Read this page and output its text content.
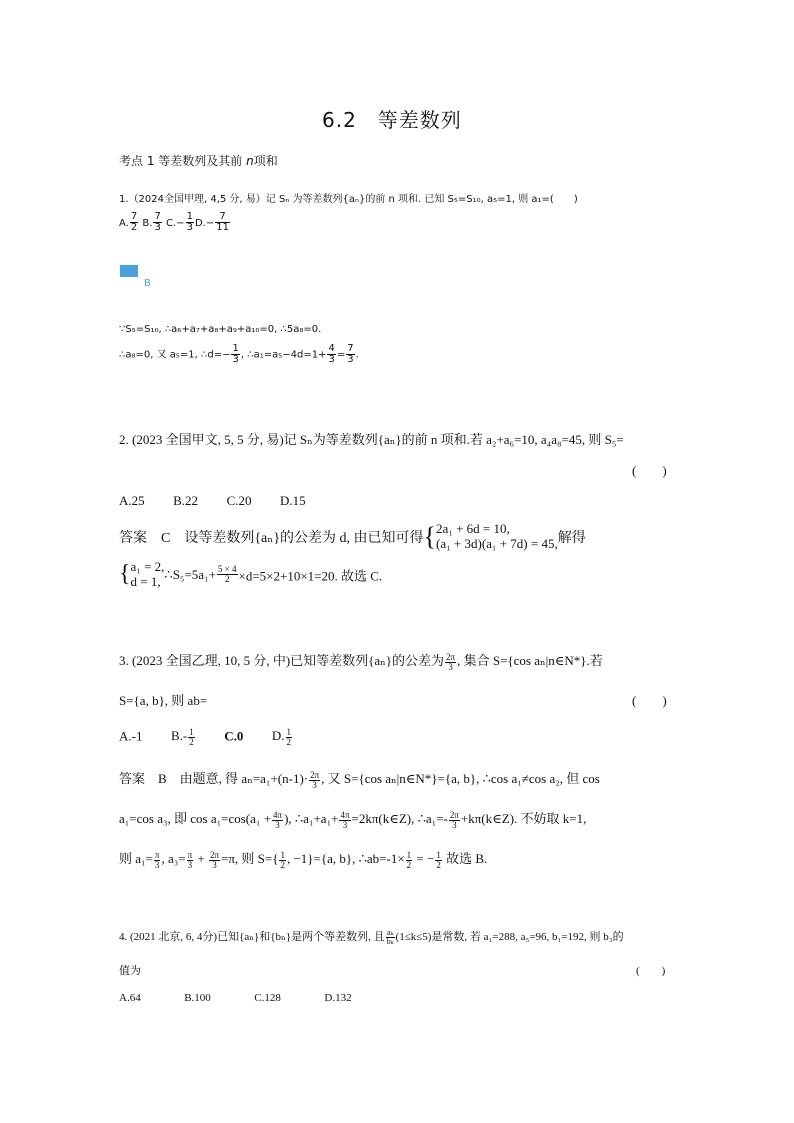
6.2　等差数列
考点 1 等差数列及其前 n项和
1.（2024全国甲理, 4,5 分, 易）记 Sₙ 为等差数列{aₙ}的前 n 项和. 已知 S₅=S₁₀, a₅=1, 则 a₁=(　　)
A. $\frac{7}{2} B$. $\frac{7}{3} C.- \frac{1}{3} D.- \frac{7}{11}$
B
∵S₅=S₁₀, ∴a₆+a₇+a₈+a₉+a₁₀=0, ∴5a₈=0.
∴a₈=0, 又 a₅=1, ∴d=− $\frac{1}{3}$ , ∴a₁=a₅−4d=1+ $\frac{4}{3} = \frac{7}{3}$ .
2. (2023 全国甲文, 5, 5 分, 易)记 Sₙ为等差数列{aₙ}的前 n 项和.若 a₂+a₆=10, a₄a₈=45, 则 S₅=
(　　)
A.25 B.22 C.20 D.15
答案　C　设等差数列{aₙ}的公差为 d, 由已知可得{ 2a₁ + 6d = 10,
(a₁ + 3d)(a₁ + 7d) = 45, 解得
{ a₁ = 2,
d = 1, ∴S₅=5a₁+ $\frac{5 \times 4}{2} \times d=5\times 2+10\times 1=20$. 故选 C.
3. (2023 全国乙理, 10, 5 分, 中)已知等差数列{aₙ}的公差为 $\frac{2\pi}{3}$ , 集合 S={cos aₙ|n∈N*}.若
S={a, b}, 则 ab=	(　　)
A.-1 $B.- \frac{1}{2} C.0$ D. $\frac{1}{2}$
答案　B　由题意, 得 $a_n=a_1+(n-1)\cdot \frac{2\pi}{3}$ , 又 S={cos aₙ|n∈N*}={a, b}, ∴cos a₁≠cos a₂, 但 cos
a₁=cos a₃, 即 $\cos a_1=\cos(a_1 + \frac{4\pi}{3}$ ), ∴a₁+a₁+ $\frac{4\pi}{3}$ =2kπ(k∈Z), ∴a₁=- $\frac{2\pi}{3}$ +kπ(k∈Z). 不妨取 k=1,
则 $a_1= \frac{\pi}{3}$ , $a_3= \frac{\pi}{3} + \frac{2\pi}{3} =\pi$, 则 $S=\{ \frac{1}{2}$ , −1}={a, b}, ∴ab=-1× $\frac{1}{2}$ = − $\frac{1}{2}$ 故选 B.
4. (2021 北京, 6, 4分)已知{aₙ}和{bₙ}是两个等差数列, 且 $\frac{\text{aₖ}}{\text{bₖ}} (1\le k\le 5)$是常数, 若 a₁=288, a₅=96, b₁=192, 则 b₃的
值为	(　　)
A.64	B.100	C.128	D.132
